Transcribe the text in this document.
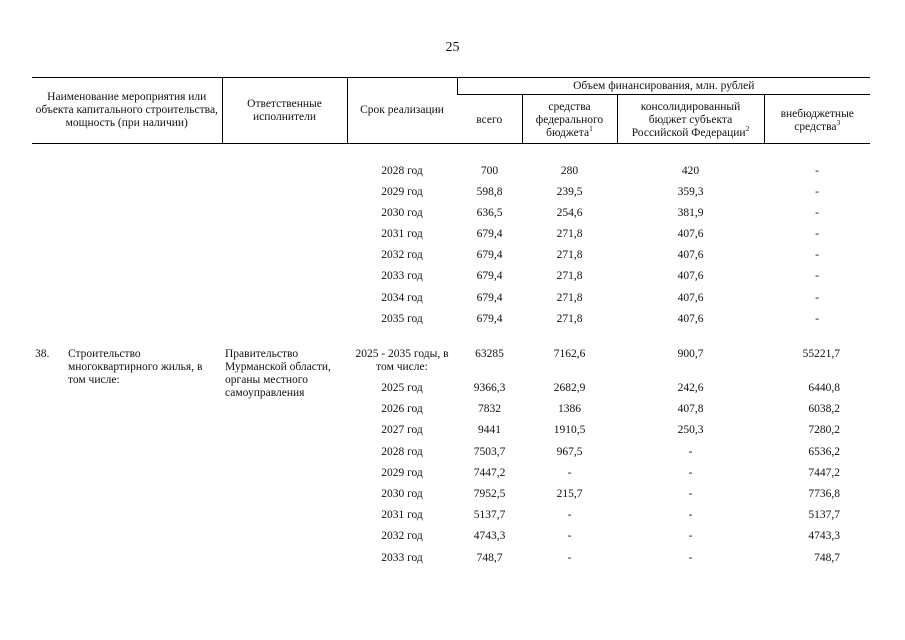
25
Наименование мероприятия или объекта капитального строительства, мощность (при наличии)	Ответственные исполнители	Срок реализации	Объем финансирования, млн. рублей			
			всего	средства федерального бюджета$^1$	консолидированный бюджет субъекта Российской Федерации$^2$	внебюджетные средства$^3$

		2028 год	700	280	420	-
		2029 год	598,8	239,5	359,3	-
		2030 год	636,5	254,6	381,9	-
		2031 год	679,4	271,8	407,6	-
		2032 год	679,4	271,8	407,6	-
		2033 год	679,4	271,8	407,6	-
		2034 год	679,4	271,8	407,6	-
		2035 год	679,4	271,8	407,6	-

38. Строительство многоквартирного жилья, в том числе:	Правительство Мурманской области, органы местного самоуправления	2025 - 2035 годы, в том числе:	63285	7162,6	900,7	55221,7
		2025 год	9366,3	2682,9	242,6	6440,8
		2026 год	7832	1386	407,8	6038,2
		2027 год	9441	1910,5	250,3	7280,2
		2028 год	7503,7	967,5	-	6536,2
		2029 год	7447,2	-	-	7447,2
		2030 год	7952,5	215,7	-	7736,8
		2031 год	5137,7	-	-	5137,7
		2032 год	4743,3	-	-	4743,3
		2033 год	748,7	-	-	748,7
